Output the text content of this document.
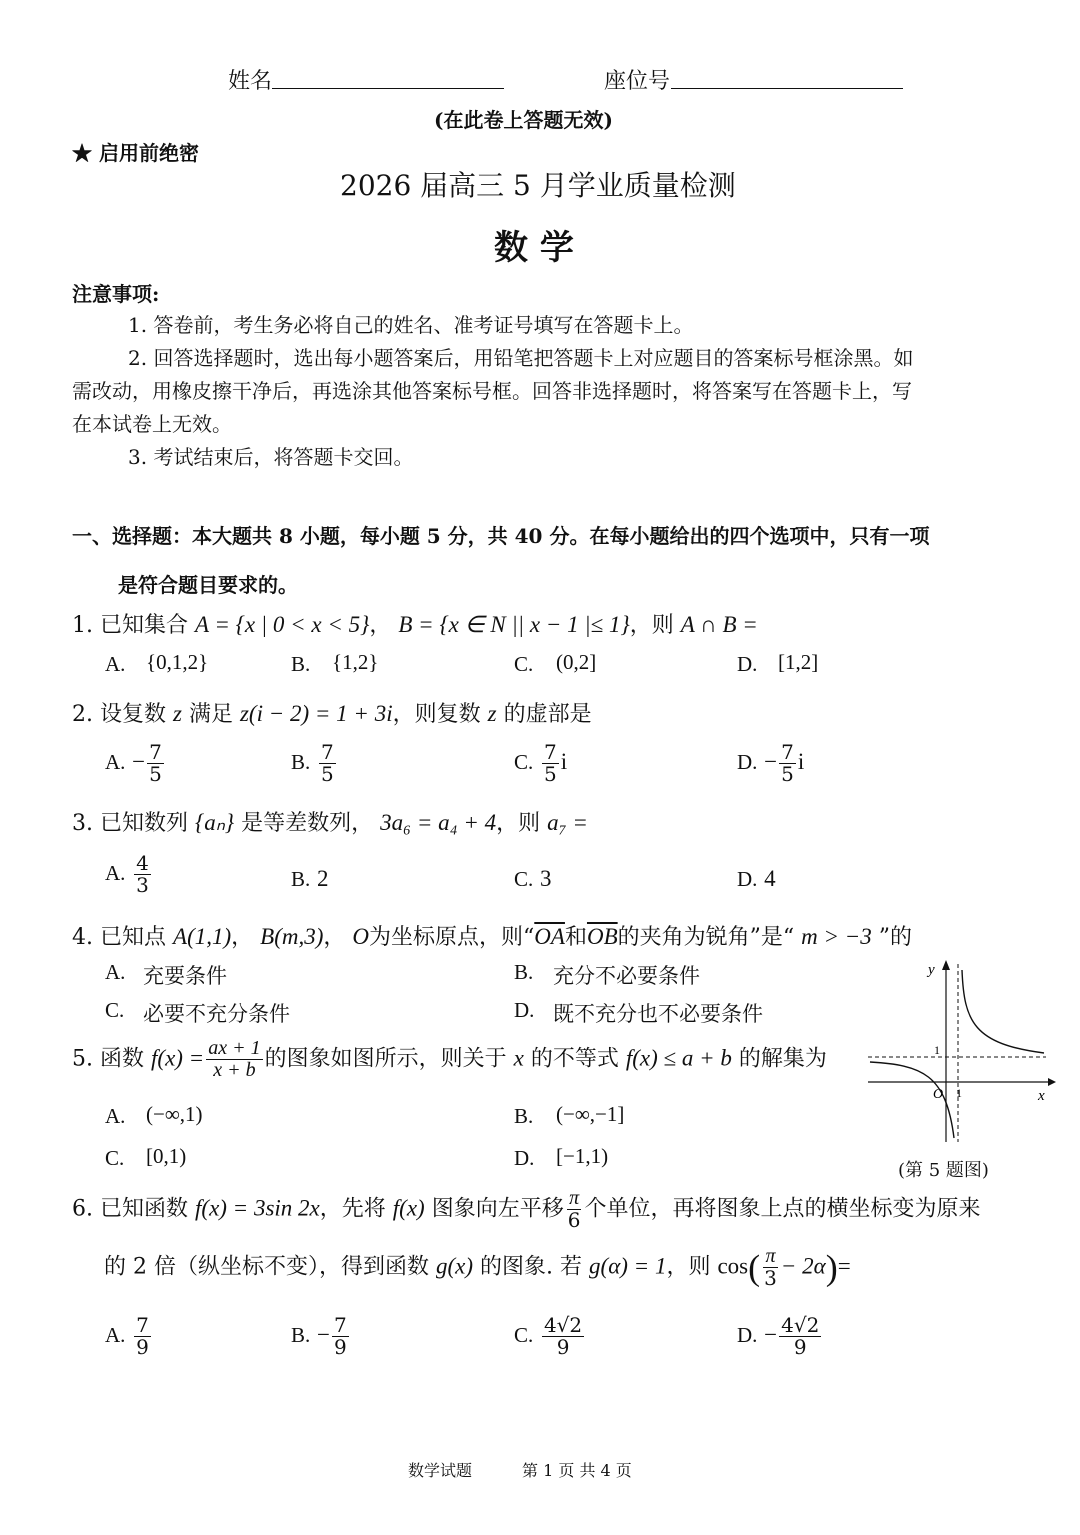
姓名	座位号
(在此卷上答题无效)
★ 启用前绝密
2026 届高三 5 月学业质量检测
数 学
注意事项:
1. 答卷前，考生务必将自己的姓名、准考证号填写在答题卡上。
2. 回答选择题时，选出每小题答案后，用铅笔把答题卡上对应题目的答案标号框涂黑。如
需改动，用橡皮擦干净后，再选涂其他答案标号框。回答非选择题时，将答案写在答题卡上，写
在本试卷上无效。
3. 考试结束后，将答题卡交回。
一、选择题：本大题共 8 小题，每小题 5 分，共 40 分。在每小题给出的四个选项中，只有一项
是符合题目要求的。
1. 已知集合 A = {x | 0 < x < 5}， B = {x ∈ N || x − 1 |≤ 1}，则 A ∩ B =
A. {0,1,2}	B. {1,2}	C. (0,2]	D. [1,2]
2. 设复数 z 满足 z(i − 2) = 1 + 3i，则复数 z 的虚部是
A. − $\frac{7}{5}$	B. $\frac{7}{5}$	C. $\frac{7}{5}$ i	D. − $\frac{7}{5}$ i
3. 已知数列 {aₙ} 是等差数列， 3a₆ = a₄ + 4，则 a₇ =
A. $\frac{4}{3}$	B. 2	C. 3	D. 4
4. 已知点 A(1,1)， B(m,3)， O为坐标原点，则“$\overline{OA}$和$\overline{OB}$的夹角为锐角”是“ m > −3 ”的
A. 充要条件	B. 充分不必要条件
C. 必要不充分条件	D. 既不充分也不必要条件
5. 函数 $f(x) = \frac{ax + 1}{x + b}$ 的图象如图所示，则关于 x 的不等式 f(x) ≤ a + b 的解集为
A. (−∞,1)	B. (−∞,−1]
C. [0,1)	D. [−1,1)
y
x
O
1
1
(第 5 题图)
6. 已知函数 f(x) = 3sin 2x，先将 f(x) 图象向左平移 $\frac{\pi}{6}$ 个单位，再将图象上点的横坐标变为原来
的 2 倍（纵坐标不变），得到函数 g(x) 的图象. 若 g(α) = 1，则 $\cos( \frac{\pi}{3} - 2\alpha)=$
A. $\frac{7}{9}$	B. − $\frac{7}{9}$	C. $\frac{4√2}{9}$	D. − $\frac{4√2}{9}$
数学试题	第 1 页 共 4 页
